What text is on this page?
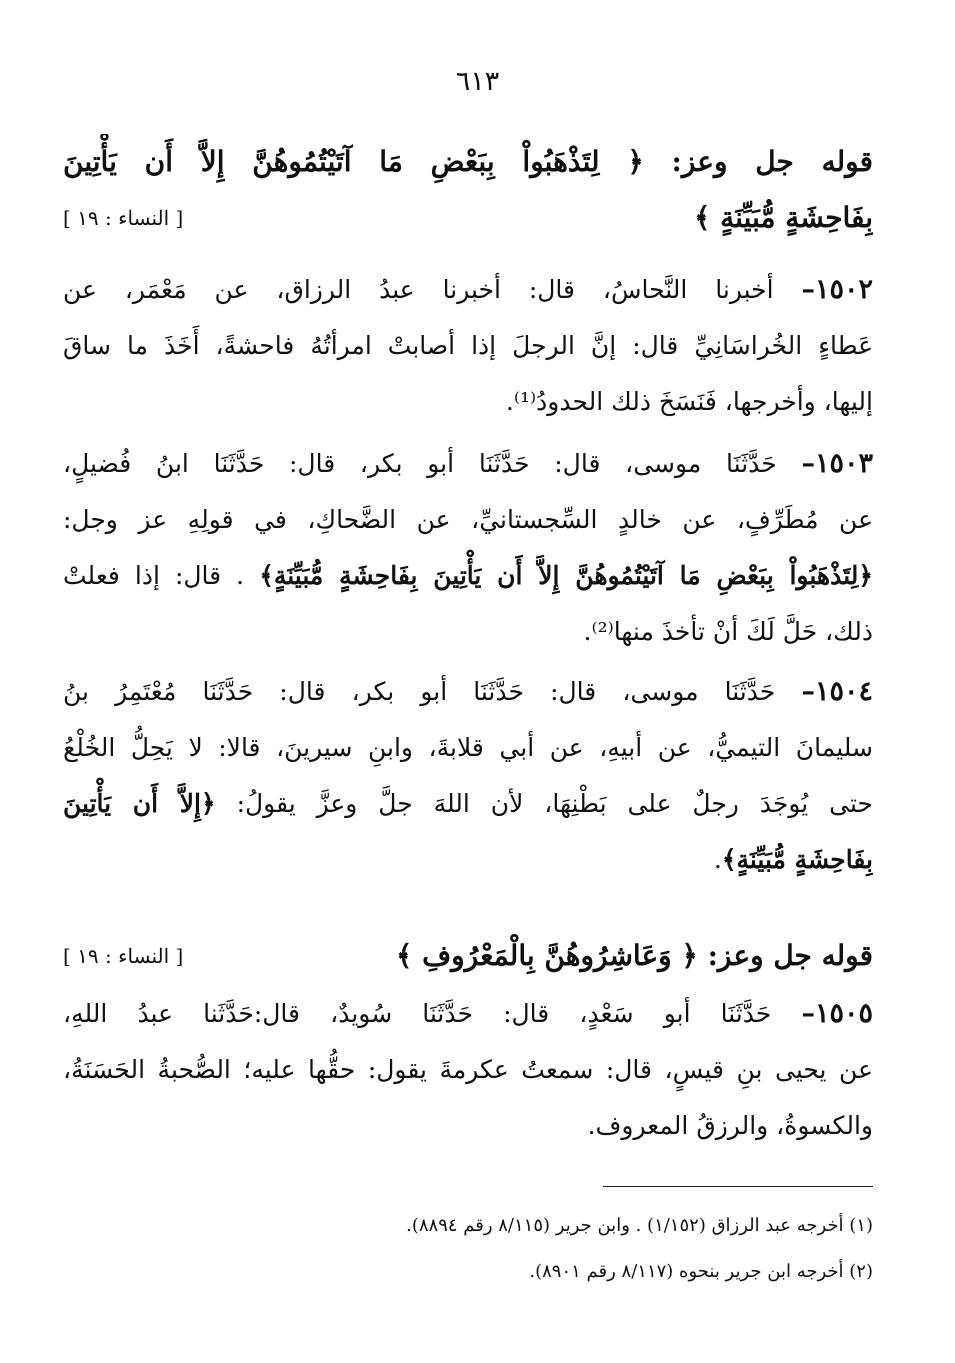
٦١٣
قوله جل وعز: ﴿ لِتَذْهَبُواْ بِبَعْضِ مَا آتَيْتُمُوهُنَّ إِلاَّ أَن يَأْتِينَ
بِفَاحِشَةٍ مُّبَيِّنَةٍ ﴾
[ النساء : ١٩ ]
١٥٠٢– أخبرنا النَّحاسُ، قال: أخبرنا عبدُ الرزاق، عن مَعْمَر، عن
عَطاءٍ الخُراسَانِيِّ قال: إنَّ الرجلَ إذا أصابتْ امرأتُهُ فاحشةً، أَخَذَ ما ساقَ
إليها، وأخرجها، فَنَسَخَ ذلك الحدودُ⁽¹⁾.
١٥٠٣– حَدَّثَنَا موسى، قال: حَدَّثَنَا أبو بكر، قال: حَدَّثَنَا ابنُ فُضيلٍ،
عن مُطَرِّفٍ، عن خالدٍ السِّجستانيِّ، عن الضَّحاكِ، في قولِهِ عز وجل:
﴿لِتَذْهَبُواْ بِبَعْضِ مَا آتَيْتُمُوهُنَّ إِلاَّ أَن يَأْتِينَ بِفَاحِشَةٍ مُّبَيِّنَةٍ﴾ . قال: إذا فعلتْ
ذلك، حَلَّ لَكَ أنْ تأخذَ منها⁽²⁾.
١٥٠٤– حَدَّثَنَا موسى، قال: حَدَّثَنَا أبو بكر، قال: حَدَّثَنَا مُعْتَمِرُ بنُ
سليمانَ التيميُّ، عن أبيهِ، عن أبي قلابةَ، وابنِ سيرينَ، قالا: لا يَحِلُّ الخُلْعُ
حتى يُوجَدَ رجلٌ على بَطْنِهَا، لأن اللهَ جلَّ وعزَّ يقولُ: ﴿إِلاَّ أَن يَأْتِينَ
بِفَاحِشَةٍ مُّبَيِّنَةٍ﴾.
قوله جل وعز: ﴿ وَعَاشِرُوهُنَّ بِالْمَعْرُوفِ ﴾
[ النساء : ١٩ ]
١٥٠٥– حَدَّثَنَا أبو سَعْدٍ، قال: حَدَّثَنَا سُويدٌ، قال:حَدَّثَنا عبدُ اللهِ،
عن يحيى بنِ قيسٍ، قال: سمعتُ عكرمةَ يقول: حقُّها عليه؛ الصُّحبةُ الحَسَنَةُ،
والكسوةُ، والرزقُ المعروف.
(١) أخرجه عبد الرزاق (١/١٥٢) . وابن جرير (٨/١١٥ رقم ٨٨٩٤).
(٢) أخرجه ابن جرير بنحوه (٨/١١٧ رقم ٨٩٠١).
